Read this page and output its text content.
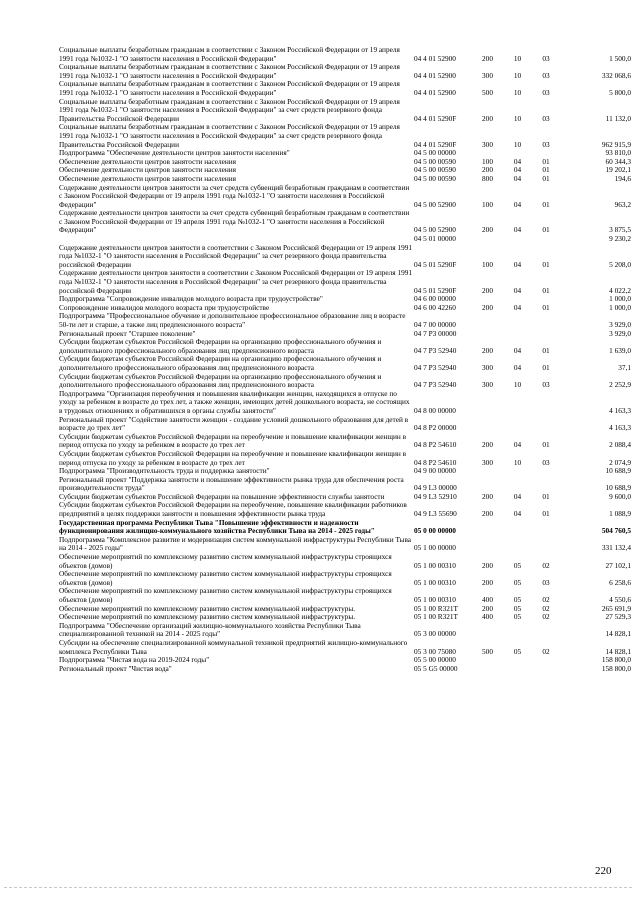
Социальные выплаты безработным гражданам в соответствии с Законом Российской Федерации от 19 апреля 1991 года №1032-1 "О занятости населения в Российской Федерации"	04 4 01 52900	200	10	03	1 500,0
Социальные выплаты безработным гражданам в соответствии с Законом Российской Федерации от 19 апреля 1991 года №1032-1 "О занятости населения в Российской Федерации"	04 4 01 52900	300	10	03	332 068,6
Социальные выплаты безработным гражданам в соответствии с Законом Российской Федерации от 19 апреля 1991 года №1032-1 "О занятости населения в Российской Федерации"	04 4 01 52900	500	10	03	5 800,0
Социальные выплаты безработным гражданам в соответствии с Законом Российской Федерации от 19 апреля 1991 года №1032-1 "О занятости населения в Российской Федерации" за счет средств резервного фонда Правительства Российской Федерации	04 4 01 5290F	200	10	03	11 132,0
Социальные выплаты безработным гражданам в соответствии с Законом Российской Федерации от 19 апреля 1991 года №1032-1 "О занятости населения в Российской Федерации" за счет средств резервного фонда Правительства Российской Федерации	04 4 01 5290F	300	10	03	962 915,9
Подпрограмма "Обеспечение деятельности центров занятости населения"	04 5 00 00000				93 810,0
Обеспечение деятельности центров занятости населения	04 5 00 00590	100	04	01	60 344,3
Обеспечение деятельности центров занятости населения	04 5 00 00590	200	04	01	19 202,1
Обеспечение деятельности центров занятости населения	04 5 00 00590	800	04	01	194,6
Содержание деятельности центров занятости за счет средств субвенций безработным гражданам в соответствии с Законом Российской Федерации от 19 апреля 1991 года №1032-1 "О занятости населения в Российской Федерации"	04 5 00 52900	100	04	01	963,2
Содержание деятельности центров занятости за счет средств субвенций безработным гражданам в соответствии с Законом Российской Федерации от 19 апреля 1991 года №1032-1 "О занятости населения в Российской Федерации"	04 5 00 52900	200	04	01	3 875,5
	04 5 01 00000				9 230,2
Содержание деятельности центров занятости в соответствии с Законом Российской Федерации от 19 апреля 1991 года №1032-1 "О занятости населения в Российской Федерации" за счет резервного фонда правительства российской Федерации	04 5 01 5290F	100	04	01	5 208,0
Содержание деятельности центров занятости в соответствии с Законом Российской Федерации от 19 апреля 1991 года №1032-1 "О занятости населения в Российской Федерации" за счет резервного фонда правительства российской Федерации	04 5 01 5290F	200	04	01	4 022,2
Подпрограмма "Сопровождение инвалидов молодого возраста при трудоустройстве"	04 6 00 00000				1 000,0
Сопровождение инвалидов молодого возраста при трудоустройстве	04 6 00 42260	200	04	01	1 000,0
Подпрограмма "Профессиональное обучение и дополнительное профессиональное образование лиц в возрасте 50-ти лет и старше, а также лиц предпенсионного возраста"	04 7 00 00000				3 929,0
Региональный проект "Старшее поколение"	04 7 P3 00000				3 929,0
Субсидии бюджетам субъектов Российской Федерации на организацию профессионального обучения и дополнительного профессионального образования лиц предпенсионного возраста	04 7 P3 52940	200	04	01	1 639,0
Субсидии бюджетам субъектов Российской Федерации на организацию профессионального обучения и дополнительного профессионального образования лиц предпенсионного возраста	04 7 P3 52940	300	04	01	37,1
Субсидии бюджетам субъектов Российской Федерации на организацию профессионального обучения и дополнительного профессионального образования лиц предпенсионного возраста	04 7 P3 52940	300	10	03	2 252,9
Подпрограмма "Организация переобучения и повышения квалификации женщин, находящихся в отпуске по уходу за ребенком в возрасте до трех лет, а также женщин, имеющих детей дошкольного возраста, не состоящих в трудовых отношениях и обратившихся в органы службы занятости"	04 8 00 00000				4 163,3
Региональный проект "Содействие занятости женщин - создание условий дошкольного образования для детей в возрасте до трех лет"	04 8 P2 00000				4 163,3
Субсидии бюджетам субъектов Российской Федерации на переобучение и повышение квалификации женщин в период отпуска по уходу за ребенком в возрасте до трех лет	04 8 P2 54610	200	04	01	2 088,4
Субсидии бюджетам субъектов Российской Федерации на переобучение и повышение квалификации женщин в период отпуска по уходу за ребенком в возрасте до трех лет	04 8 P2 54610	300	10	03	2 074,9
Подпрограмма "Производительность труда и поддержка занятости"	04 9 00 00000				10 688,9
Региональный проект "Поддержка занятости и повышение эффективности рынка труда для обеспечения роста производительности труда"	04 9 L3 00000				10 688,9
Субсидии бюджетам субъектов Российской Федерации на повышение эффективности службы занятости	04 9 L3 52910	200	04	01	9 600,0
Субсидии бюджетам субъектов Российской Федерации на переобучение, повышение квалификации работников предприятий в целях поддержки занятости и повышения эффективности рынка труда	04 9 L3 55690	200	04	01	1 088,9
Государственная программа Республики Тыва "Повышение эффективности и надежности функционирования жилищно-коммунального хозяйства Республики Тыва на 2014 - 2025 годы"	05 0 00 00000				504 760,5
Подпрограмма "Комплексное развитие и модернизация систем коммунальной инфраструктуры Республики Тыва на 2014 - 2025 годы"	05 1 00 00000				331 132,4
Обеспечение мероприятий по комплексному развитию систем коммунальной инфраструктуры строящихся объектов (домов)	05 1 00 00310	200	05	02	27 102,1
Обеспечение мероприятий по комплексному развитию систем коммунальной инфраструктуры строящихся объектов (домов)	05 1 00 00310	200	05	03	6 258,6
Обеспечение мероприятий по комплексному развитию систем коммунальной инфраструктуры строящихся объектов (домов)	05 1 00 00310	400	05	02	4 550,6
Обеспечение мероприятий по комплексному развитию систем коммунальной инфраструктуры.	05 1 00 R321T	200	05	02	265 691,9
Обеспечение мероприятий по комплексному развитию систем коммунальной инфраструктуры.	05 1 00 R321T	400	05	02	27 529,3
Подпрограмма "Обеспечение организаций жилищно-коммунального хозяйства Республики Тыва специализированной техникой на 2014 - 2025 годы"	05 3 00 00000				14 828,1
Субсидии на обеспечение специализированной коммунальной техникой предприятий жилищно-коммунального комплекса Республики Тыва	05 3 00 75080	500	05	02	14 828,1
Подпрограмма "Чистая вода на 2019-2024 годы"	05 5 00 00000				158 800,0
Региональный проект "Чистая вода"	05 5 G5 00000				158 800,0
220
